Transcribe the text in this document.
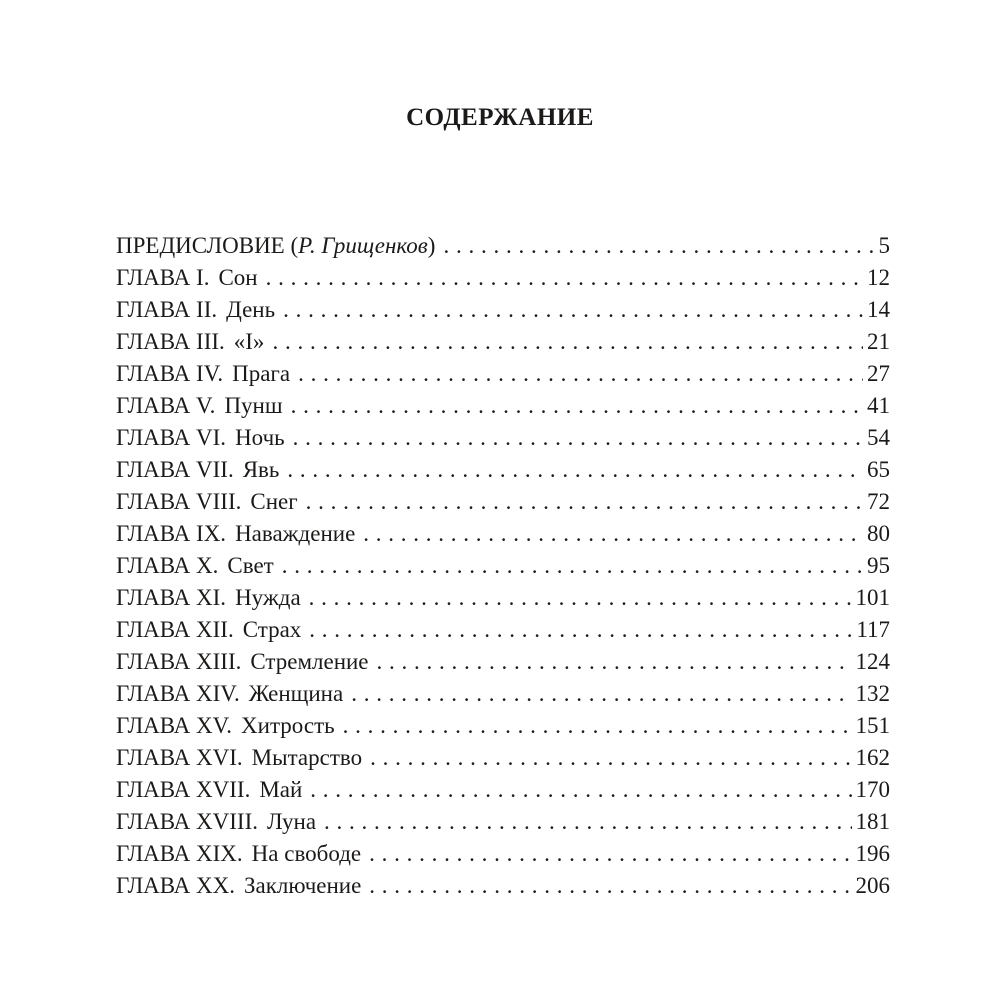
СОДЕРЖАНИЕ
ПРЕДИСЛОВИЕ (Р. Грищенков) . . .	5
ГЛАВА I. Сон . . .	12
ГЛАВА II. День . . .	14
ГЛАВА III. «I» . . .	21
ГЛАВА IV. Прага . . .	27
ГЛАВА V. Пунш . . .	41
ГЛАВА VI. Ночь . . .	54
ГЛАВА VII. Явь . . .	65
ГЛАВА VIII. Снег . . .	72
ГЛАВА IX. Наваждение . . .	80
ГЛАВА X. Свет . . .	95
ГЛАВА XI. Нужда . . .	101
ГЛАВА XII. Страх . . .	117
ГЛАВА XIII. Стремление . . .	124
ГЛАВА XIV. Женщина . . .	132
ГЛАВА XV. Хитрость . . .	151
ГЛАВА XVI. Мытарство . . .	162
ГЛАВА XVII. Май . . .	170
ГЛАВА XVIII. Луна . . .	181
ГЛАВА XIX. На свободе . . .	196
ГЛАВА XX. Заключение . . .	206
